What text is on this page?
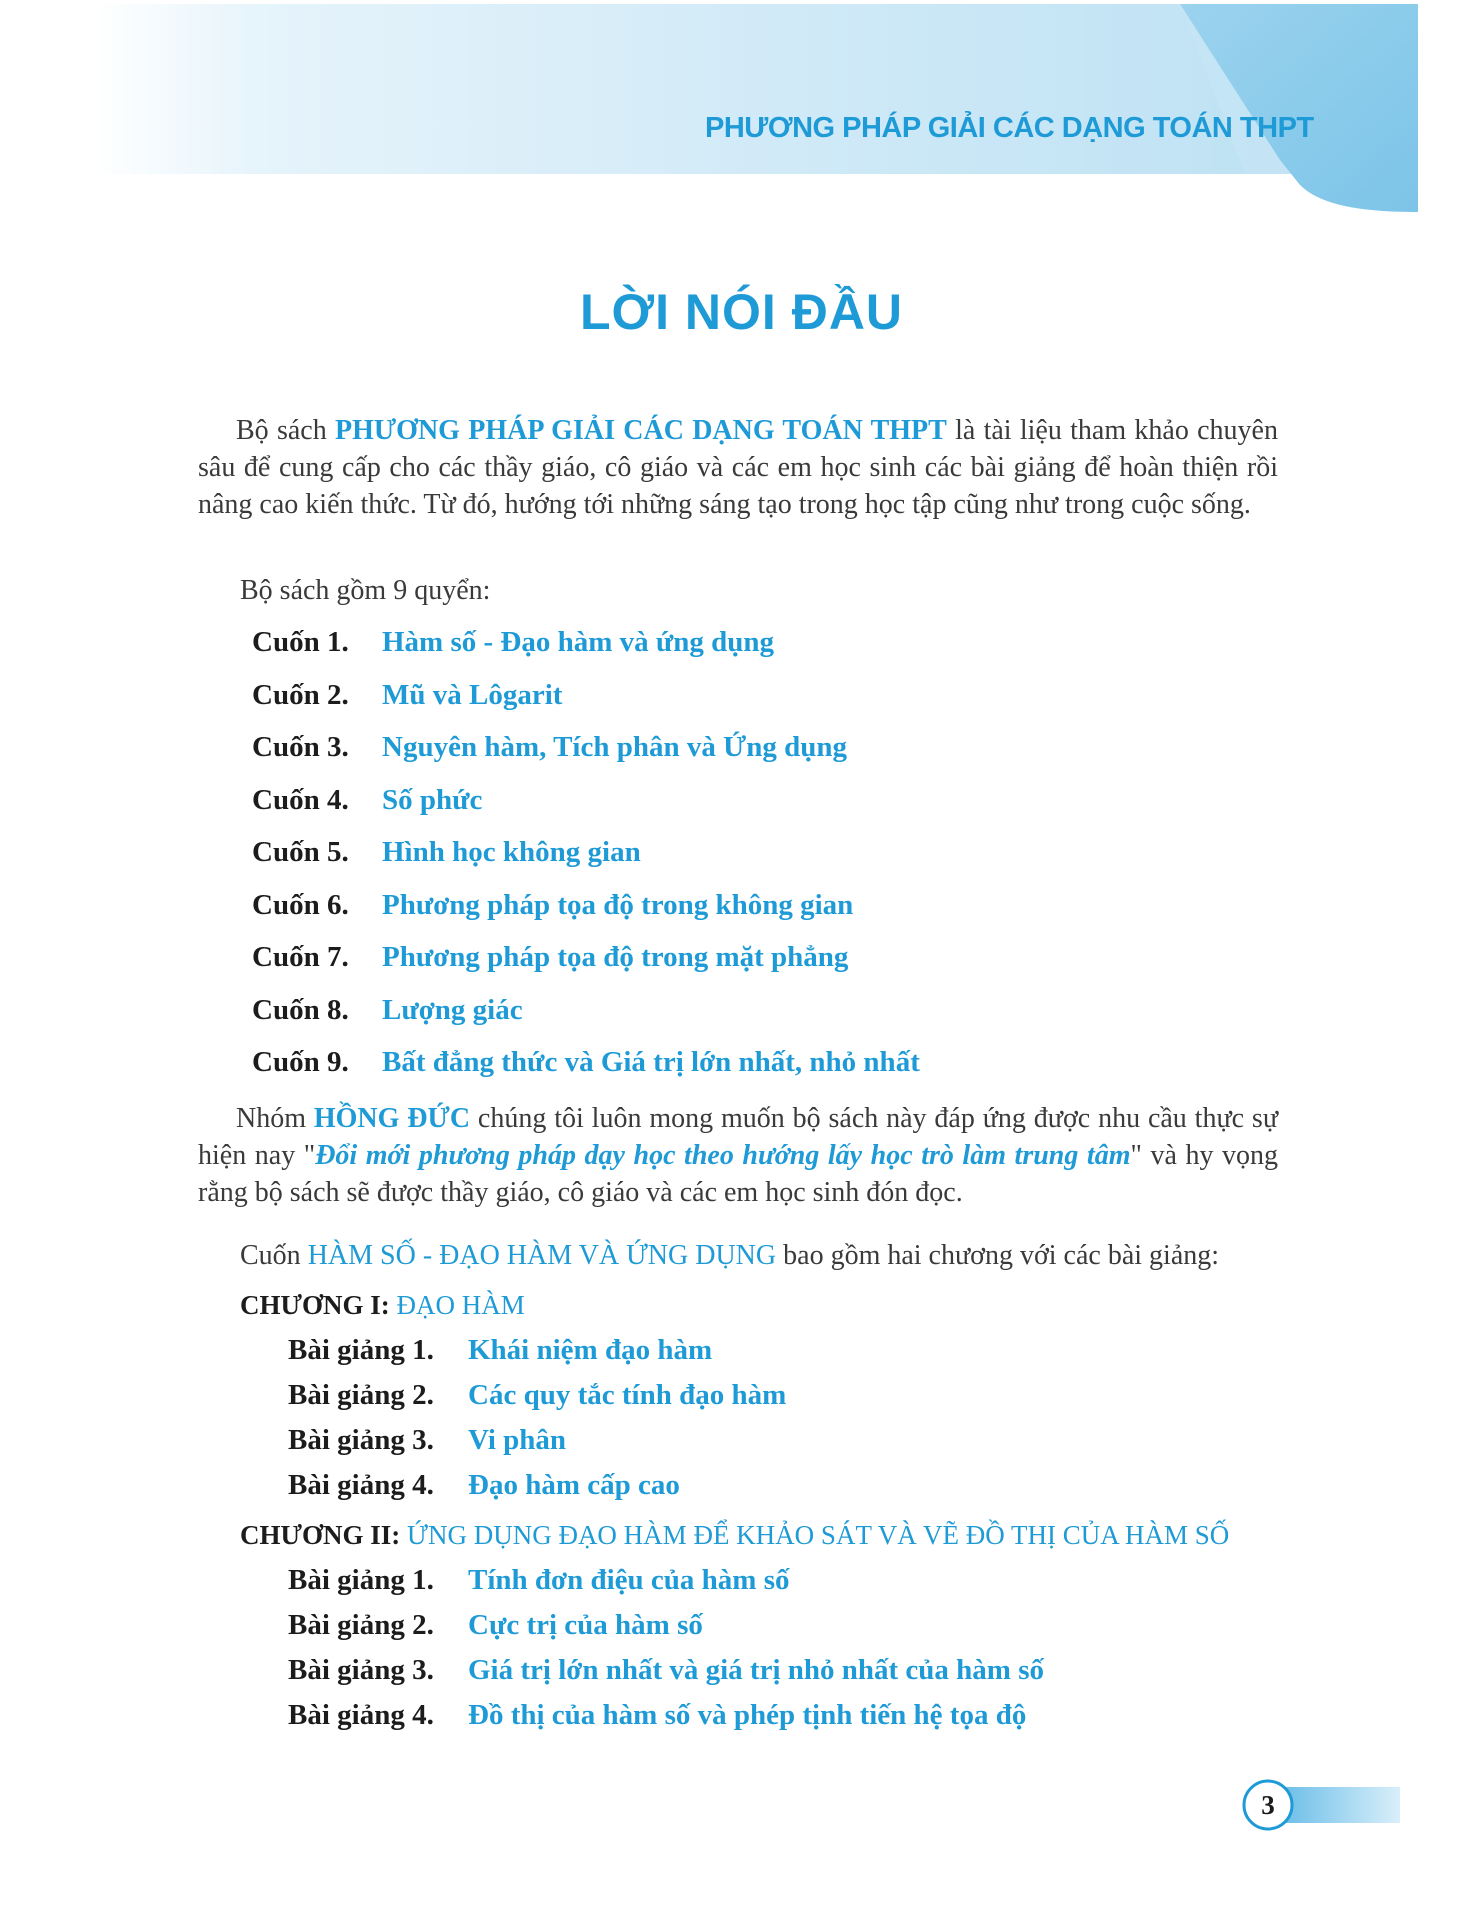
PHƯƠNG PHÁP GIẢI CÁC DẠNG TOÁN THPT
LỜI NÓI ĐẦU
Bộ sách PHƯƠNG PHÁP GIẢI CÁC DẠNG TOÁN THPT là tài liệu tham khảo chuyên sâu để cung cấp cho các thầy giáo, cô giáo và các em học sinh các bài giảng để hoàn thiện rồi nâng cao kiến thức. Từ đó, hướng tới những sáng tạo trong học tập cũng như trong cuộc sống.
Bộ sách gồm 9 quyển:
Cuốn 1. Hàm số - Đạo hàm và ứng dụng
Cuốn 2. Mũ và Lôgarit
Cuốn 3. Nguyên hàm, Tích phân và Ứng dụng
Cuốn 4. Số phức
Cuốn 5. Hình học không gian
Cuốn 6. Phương pháp tọa độ trong không gian
Cuốn 7. Phương pháp tọa độ trong mặt phẳng
Cuốn 8. Lượng giác
Cuốn 9. Bất đẳng thức và Giá trị lớn nhất, nhỏ nhất
Nhóm HỒNG ĐỨC chúng tôi luôn mong muốn bộ sách này đáp ứng được nhu cầu thực sự hiện nay "Đổi mới phương pháp dạy học theo hướng lấy học trò làm trung tâm" và hy vọng rằng bộ sách sẽ được thầy giáo, cô giáo và các em học sinh đón đọc.
Cuốn HÀM SỐ - ĐẠO HÀM VÀ ỨNG DỤNG bao gồm hai chương với các bài giảng:
CHƯƠNG I: ĐẠO HÀM
Bài giảng 1. Khái niệm đạo hàm
Bài giảng 2. Các quy tắc tính đạo hàm
Bài giảng 3. Vi phân
Bài giảng 4. Đạo hàm cấp cao
CHƯƠNG II: ỨNG DỤNG ĐẠO HÀM ĐỂ KHẢO SÁT VÀ VẼ ĐỒ THỊ CỦA HÀM SỐ
Bài giảng 1. Tính đơn điệu của hàm số
Bài giảng 2. Cực trị của hàm số
Bài giảng 3. Giá trị lớn nhất và giá trị nhỏ nhất của hàm số
Bài giảng 4. Đồ thị của hàm số và phép tịnh tiến hệ tọa độ
3
